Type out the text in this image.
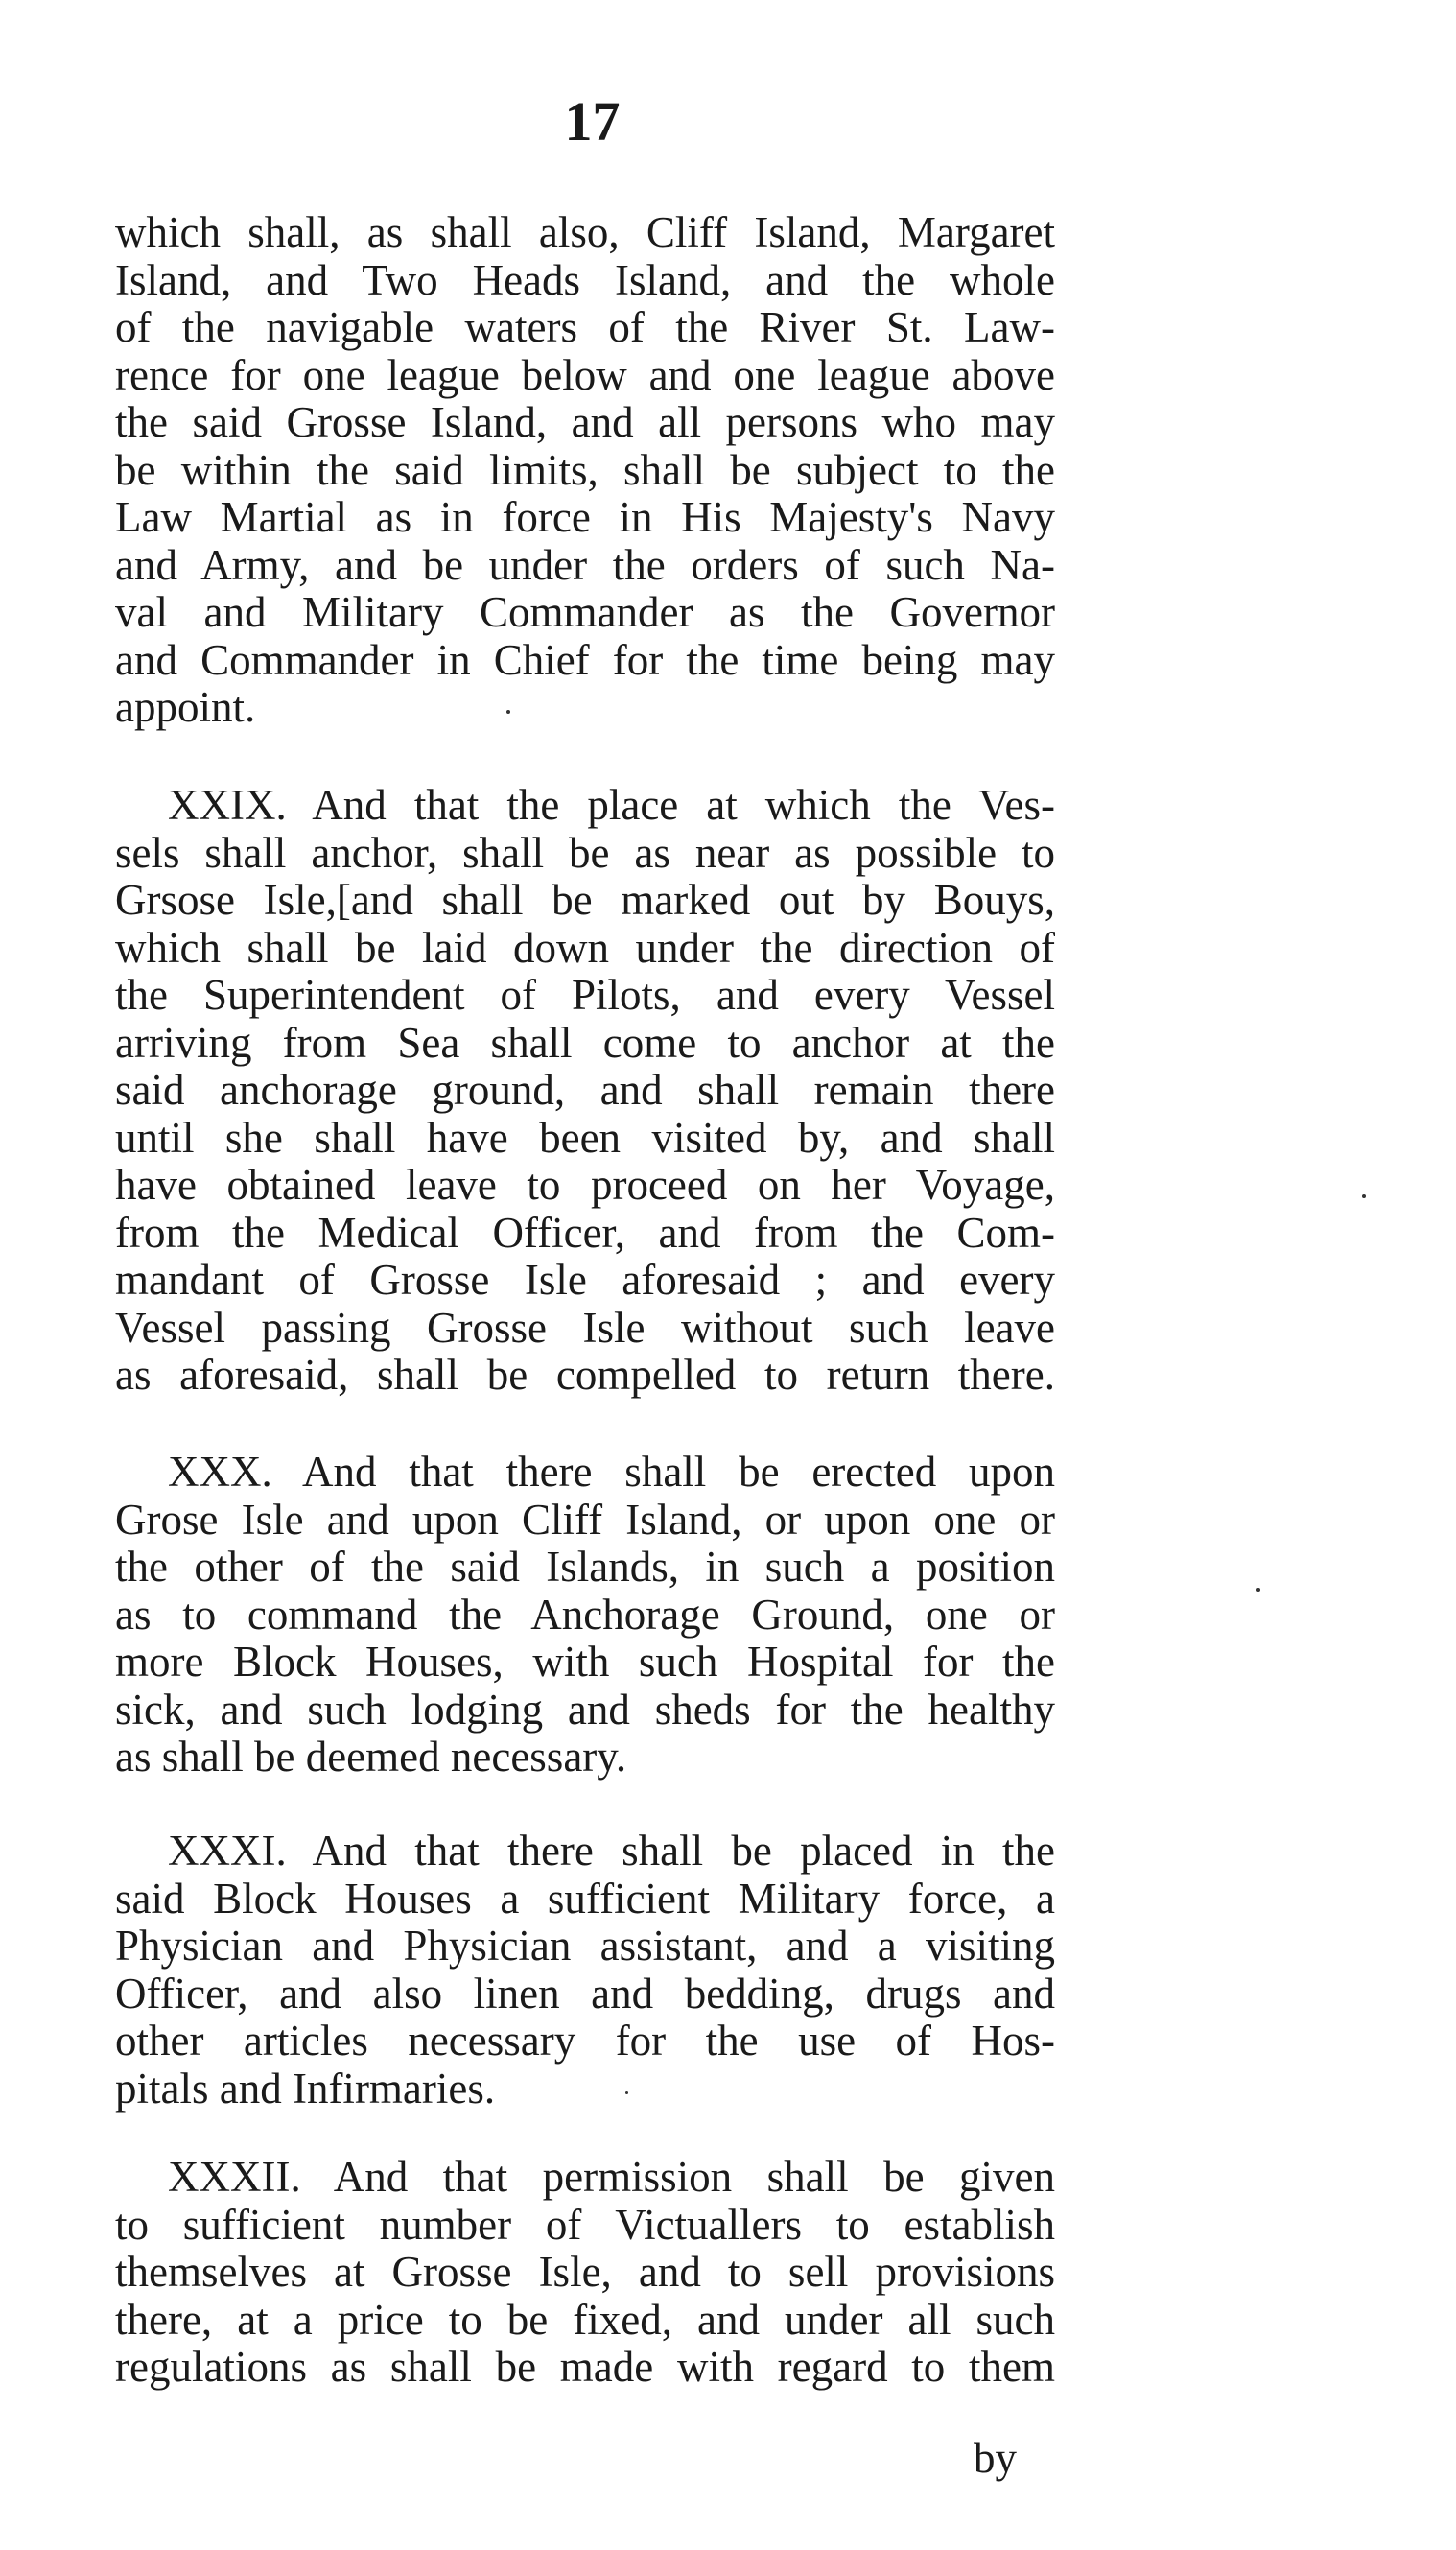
17
which shall, as shall also, Cliff Island, Margaret
Island, and Two Heads Island, and the whole
of the navigable waters of the River St. Law-
rence for one league below and one league above
the said Grosse Island, and all persons who may
be within the said limits, shall be subject to the
Law Martial as in force in His Majesty's Navy
and Army, and be under the orders of such Na-
val and Military Commander as the Governor
and Commander in Chief for the time being may
appoint.
XXIX. And that the place at which the Ves-
sels shall anchor, shall be as near as possible to
Grsose Isle,[and shall be marked out by Bouys,
which shall be laid down under the direction of
the Superintendent of Pilots, and every Vessel
arriving from Sea shall come to anchor at the
said anchorage ground, and shall remain there
until she shall have been visited by, and shall
have obtained leave to proceed on her Voyage,
from the Medical Officer, and from the Com-
mandant of Grosse Isle aforesaid ; and every
Vessel passing Grosse Isle without such leave
as aforesaid, shall be compelled to return there.
XXX. And that there shall be erected upon
Grose Isle and upon Cliff Island, or upon one or
the other of the said Islands, in such a position
as to command the Anchorage Ground, one or
more Block Houses, with such Hospital for the
sick, and such lodging and sheds for the healthy
as shall be deemed necessary.
XXXI. And that there shall be placed in the
said Block Houses a sufficient Military force, a
Physician and Physician assistant, and a visiting
Officer, and also linen and bedding, drugs and
other articles necessary for the use of Hos-
pitals and Infirmaries.
XXXII. And that permission shall be given
to sufficient number of Victuallers to establish
themselves at Grosse Isle, and to sell provisions
there, at a price to be fixed, and under all such
regulations as shall be made with regard to them
by
